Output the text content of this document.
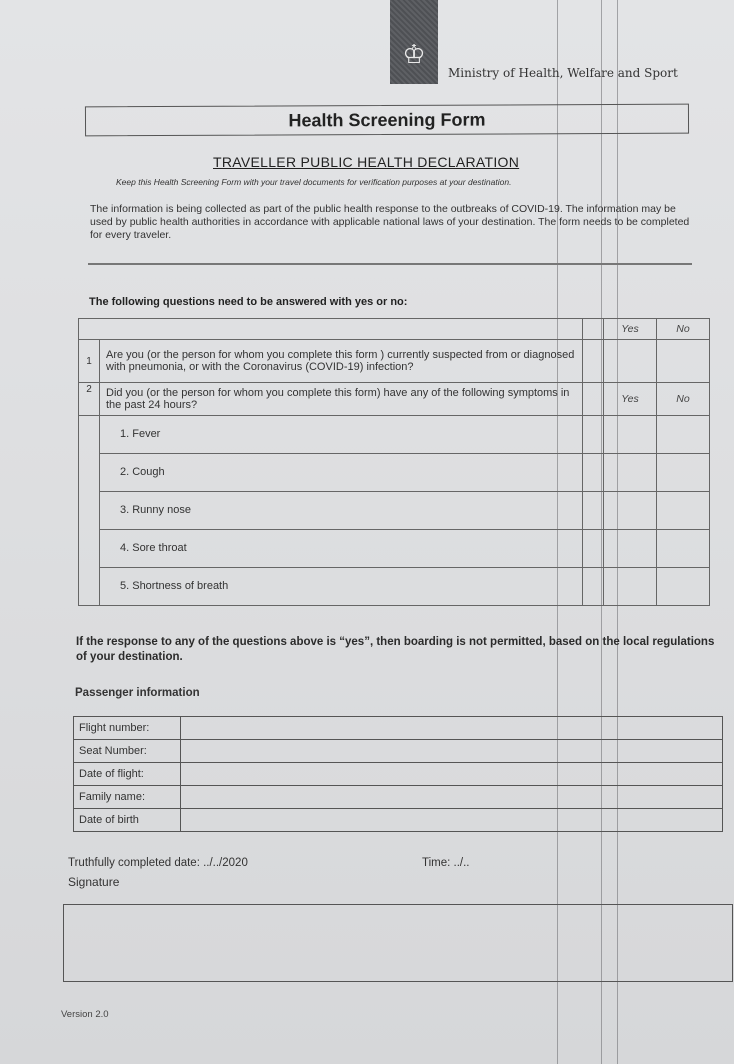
♔
Ministry of Health, Welfare and Sport
Health Screening Form
TRAVELLER PUBLIC HEALTH DECLARATION
Keep this Health Screening Form with your travel documents for verification purposes at your destination.
The information is being collected as part of the public health response to the outbreaks of COVID-19. The information may be used by public health authorities in accordance with applicable national laws of your destination. The form needs to be completed for every traveler.
The following questions need to be answered with yes or no:
			Yes	No
1	Are you (or the person for whom you complete this form ) currently suspected from or diagnosed with pneumonia, or with the Coronavirus (COVID-19) infection?			
2	Did you (or the person for whom you complete this form) have any of the following symptoms in the past 24 hours?		Yes	No
	1. Fever			
	2. Cough			
	3. Runny nose			
	4. Sore throat			
	5. Shortness of breath			
If the response to any of the questions above is “yes”, then boarding is not permitted, based on the local regulations of your destination.
Passenger information
Flight number:	
Seat Number:	
Date of flight:	
Family name:	
Date of birth	
Truthfully completed date: ../../2020	Time: ../..
Signature
Version 2.0
